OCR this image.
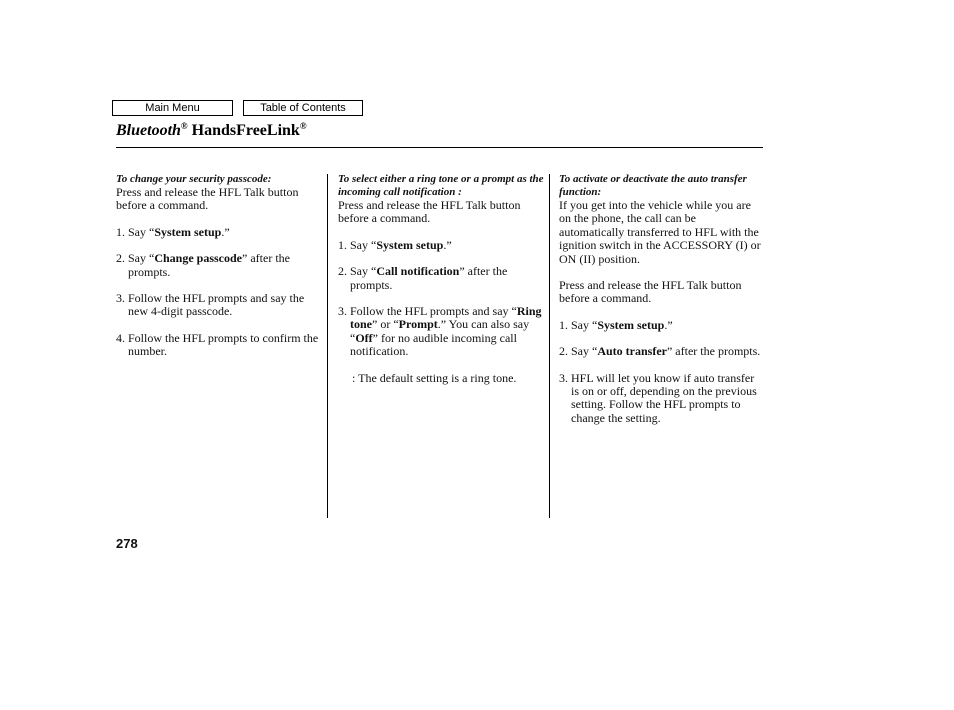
Main Menu	Table of Contents
Bluetooth® HandsFreeLink®
To change your security passcode:

Press and release the HFL Talk button before a command.

1. Say “System setup.”

2. Say “Change passcode” after the prompts.

3. Follow the HFL prompts and say the new 4-digit passcode.

4. Follow the HFL prompts to confirm the number.

To select either a ring tone or a prompt as the incoming call notification :

Press and release the HFL Talk button before a command.

1. Say “System setup.”

2. Say “Call notification” after the prompts.

3. Follow the HFL prompts and say “Ring tone” or “Prompt.” You can also say “Off” for no audible incoming call notification.

: The default setting is a ring tone.

To activate or deactivate the auto transfer function:

If you get into the vehicle while you are on the phone, the call can be automatically transferred to HFL with the ignition switch in the ACCESSORY (I) or ON (II) position.

Press and release the HFL Talk button before a command.

1. Say “System setup.”

2. Say “Auto transfer” after the prompts.

3. HFL will let you know if auto transfer is on or off, depending on the previous setting. Follow the HFL prompts to change the setting.

278
